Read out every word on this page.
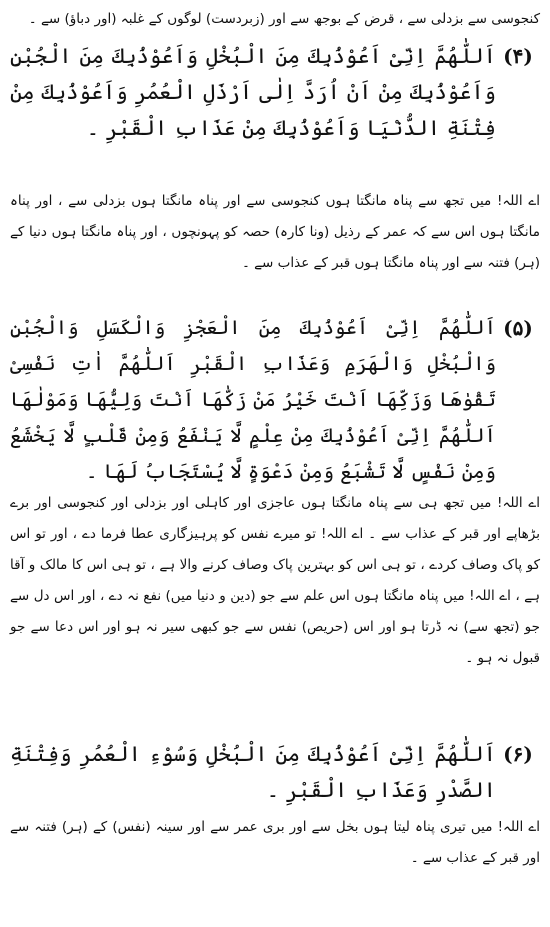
کنجوسی سے بزدلی سے ، قرض کے بوجھ سے اور (زبردست) لوگوں کے غلبہ (اور دباؤ) سے ۔

(۴)

اَللّٰھُمَّ اِنِّیْ اَعُوْذُبِكَ مِنَ الْبُخْلِ وَاَعُوْذُبِكَ مِنَ الْجُبْنِ وَاَعُوْذُبِكَ مِنْ اَنْ اُرَدَّ اِلٰی اَرْذَلِ الْعُمُرِ وَاَعُوْذُبِكَ مِنْ فِتْنَةِ الدُّنْیَا وَاَعُوْذُبِكَ مِنْ عَذَابِ الْقَبْرِ ۔

اے اللہ! میں تجھ سے پناہ مانگتا ہوں کنجوسی سے اور پناہ مانگتا ہوں بزدلی سے ، اور پناہ مانگتا ہوں اس سے کہ عمر کے رذیل (ونا کارہ) حصہ کو پہونچوں ، اور پناہ مانگتا ہوں دنیا کے (ہر) فتنہ سے اور پناہ مانگتا ہوں قبر کے عذاب سے ۔

(۵)

اَللّٰھُمَّ اِنِّیْ اَعُوْذُبِكَ مِنَ الْعَجْزِ وَالْكَسَلِ وَالْجُبْنِ وَالْبُخْلِ وَالْھَرَمِ وَعَذَابِ الْقَبْرِ اَللّٰھُمَّ اٰتِ نَفْسِیْ تَقْوٰھَا وَزَكِّھَا اَنْتَ خَیْرُ مَنْ زَكّٰھَا اَنْتَ وَلِیُّھَا وَمَوْلٰھَا اَللّٰھُمَّ اِنِّیْ اَعُوْذُبِكَ مِنْ عِلْمٍ لَّا یَنْفَعُ وَمِنْ قَلْبٍ لَّا یَخْشَعُ وَمِنْ نَفْسٍ لَّا تَشْبَعُ وَمِنْ دَعْوَةٍ لَّا یُسْتَجَابُ لَھَا ۔

اے اللہ! میں تجھ ہی سے پناہ مانگتا ہوں عاجزی اور کاہلی اور بزدلی اور کنجوسی اور برے بڑھاپے اور قبر کے عذاب سے ۔ اے اللہ! تو میرے نفس کو پرہیزگاری عطا فرما دے ، اور تو اس کو پاک وصاف کردے ، تو ہی اس کو بہترین پاک وصاف کرنے والا ہے ، تو ہی اس کا مالک و آقا ہے ، اے اللہ! میں پناہ مانگتا ہوں اس علم سے جو (دین و دنیا میں) نفع نہ دے ، اور اس دل سے جو (تجھ سے) نہ ڈرتا ہو اور اس (حریص) نفس سے جو کبھی سیر نہ ہو اور اس دعا سے جو قبول نہ ہو ۔

(۶)

اَللّٰھُمَّ اِنِّیْ اَعُوْذُبِكَ مِنَ الْبُخْلِ وَسُوْءِ الْعُمُرِ وَفِتْنَةِ الصَّدْرِ وَعَذَابِ الْقَبْرِ ۔

اے اللہ! میں تیری پناہ لیتا ہوں بخل سے اور بری عمر سے اور سینہ (نفس) کے (ہر) فتنہ سے اور قبر کے عذاب سے ۔
